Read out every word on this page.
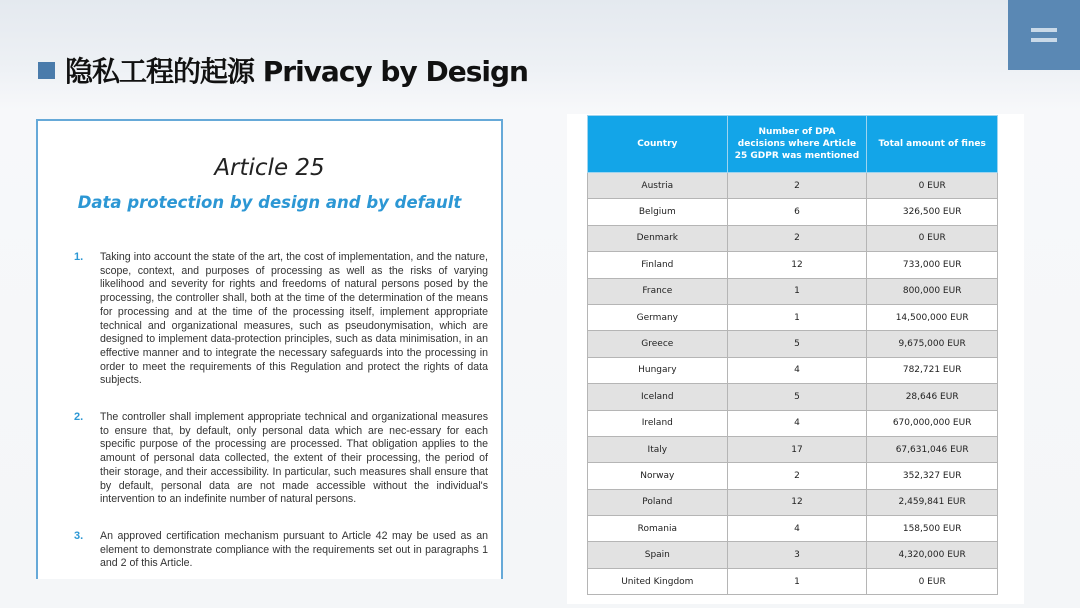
隐私工程的起源 Privacy by Design
Article 25
Data protection by design and by default
1. Taking into account the state of the art, the cost of implementation, and the nature, scope, context, and purposes of processing as well as the risks of varying likelihood and severity for rights and freedoms of natural persons posed by the processing, the controller shall, both at the time of the determination of the means for processing and at the time of the processing itself, implement appropriate technical and organizational measures, such as pseudonymisation, which are designed to implement data-protection principles, such as data minimisation, in an effective manner and to integrate the necessary safeguards into the processing in order to meet the requirements of this Regulation and protect the rights of data subjects.
2. The controller shall implement appropriate technical and organizational measures to ensure that, by default, only personal data which are nec-essary for each specific purpose of the processing are processed. That obligation applies to the amount of personal data collected, the extent of their processing, the period of their storage, and their accessibility. In particular, such measures shall ensure that by default, personal data are not made accessible without the individual's intervention to an indefinite number of natural persons.
3. An approved certification mechanism pursuant to Article 42 may be used as an element to demonstrate compliance with the requirements set out in paragraphs 1 and 2 of this Article.
Country	Number of DPA decisions where Article 25 GDPR was mentioned	Total amount of fines
Austria	2	0 EUR
Belgium	6	326,500 EUR
Denmark	2	0 EUR
Finland	12	733,000 EUR
France	1	800,000 EUR
Germany	1	14,500,000 EUR
Greece	5	9,675,000 EUR
Hungary	4	782,721 EUR
Iceland	5	28,646 EUR
Ireland	4	670,000,000 EUR
Italy	17	67,631,046 EUR
Norway	2	352,327 EUR
Poland	12	2,459,841 EUR
Romania	4	158,500 EUR
Spain	3	4,320,000 EUR
United Kingdom	1	0 EUR
